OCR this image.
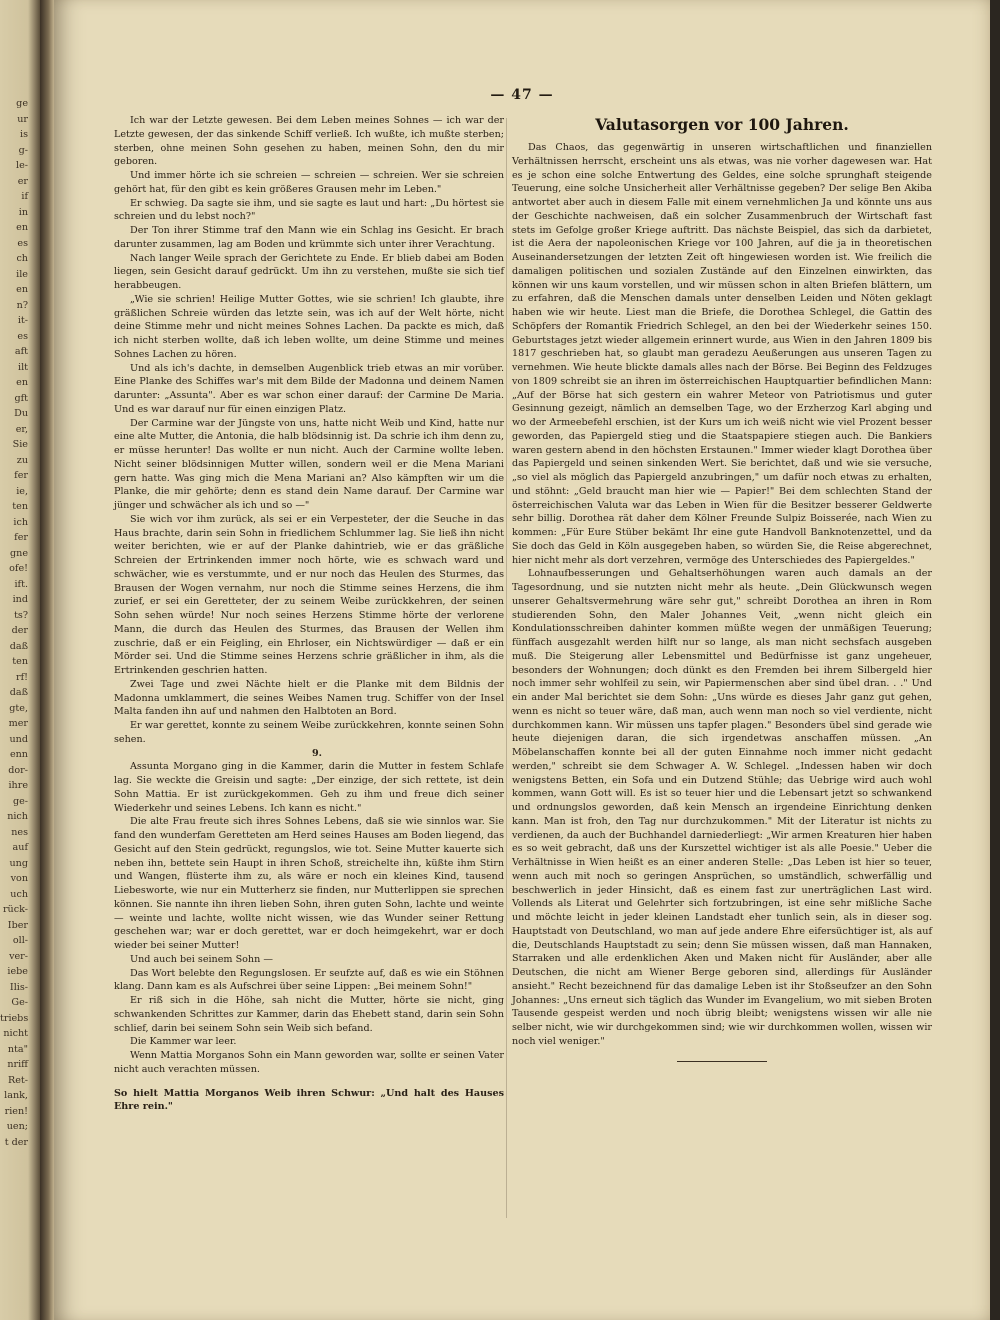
ge
ur
is
g-
le-
er
if
in
en
es
ch
ile
en
n?
it-
es
aft
ilt
en
gft
Du
er,
Sie
zu
fer
ie,
ten
ich
fer
gne
ofe!
ift.
ind
ts?
der
daß
ten
rf!
daß
gte,
mer
und
enn
dor-
ihre
ge-
nich
nes
auf
ung
von
uch
rück-
Iber
oll-
ver-
iebe
Ilis-
Ge-
triebs
nicht
nta"
nriff
Ret-
lank,
rien!
uen;
t der
— 47 —

Ich war der Letzte gewesen. Bei dem Leben meines Sohnes — ich war der Letzte gewesen, der das sinkende Schiff verließ. Ich wußte, ich mußte sterben; sterben, ohne meinen Sohn gesehen zu haben, meinen Sohn, den du mir geboren.

Und immer hörte ich sie schreien — schreien — schreien. Wer sie schreien gehört hat, für den gibt es kein größeres Grausen mehr im Leben."

Er schwieg. Da sagte sie ihm, und sie sagte es laut und hart: „Du hörtest sie schreien und du lebst noch?"

Der Ton ihrer Stimme traf den Mann wie ein Schlag ins Gesicht. Er brach darunter zusammen, lag am Boden und krümmte sich unter ihrer Verachtung.

Nach langer Weile sprach der Gerichtete zu Ende. Er blieb dabei am Boden liegen, sein Gesicht darauf gedrückt. Um ihn zu verstehen, mußte sie sich tief herabbeugen.

„Wie sie schrien! Heilige Mutter Gottes, wie sie schrien! Ich glaubte, ihre gräßlichen Schreie würden das letzte sein, was ich auf der Welt hörte, nicht deine Stimme mehr und nicht meines Sohnes Lachen. Da packte es mich, daß ich nicht sterben wollte, daß ich leben wollte, um deine Stimme und meines Sohnes Lachen zu hören.

Und als ich's dachte, in demselben Augenblick trieb etwas an mir vorüber. Eine Planke des Schiffes war's mit dem Bilde der Madonna und deinem Namen darunter: „Assunta". Aber es war schon einer darauf: der Carmine De Maria. Und es war darauf nur für einen einzigen Platz.

Der Carmine war der Jüngste von uns, hatte nicht Weib und Kind, hatte nur eine alte Mutter, die Antonia, die halb blödsinnig ist. Da schrie ich ihm denn zu, er müsse herunter! Das wollte er nun nicht. Auch der Carmine wollte leben. Nicht seiner blödsinnigen Mutter willen, sondern weil er die Mena Mariani gern hatte. Was ging mich die Mena Mariani an? Also kämpften wir um die Planke, die mir gehörte; denn es stand dein Name darauf. Der Carmine war jünger und schwächer als ich und so —"

Sie wich vor ihm zurück, als sei er ein Verpesteter, der die Seuche in das Haus brachte, darin sein Sohn in friedlichem Schlummer lag. Sie ließ ihn nicht weiter berichten, wie er auf der Planke dahintrieb, wie er das gräßliche Schreien der Ertrinkenden immer noch hörte, wie es schwach ward und schwächer, wie es verstummte, und er nur noch das Heulen des Sturmes, das Brausen der Wogen vernahm, nur noch die Stimme seines Herzens, die ihm zurief, er sei ein Geretteter, der zu seinem Weibe zurückkehren, der seinen Sohn sehen würde! Nur noch seines Herzens Stimme hörte der verlorene Mann, die durch das Heulen des Sturmes, das Brausen der Wellen ihm zuschrie, daß er ein Feigling, ein Ehrloser, ein Nichtswürdiger — daß er ein Mörder sei. Und die Stimme seines Herzens schrie gräßlicher in ihm, als die Ertrinkenden geschrien hatten.

Zwei Tage und zwei Nächte hielt er die Planke mit dem Bildnis der Madonna umklammert, die seines Weibes Namen trug. Schiffer von der Insel Malta fanden ihn auf und nahmen den Halbtoten an Bord.

Er war gerettet, konnte zu seinem Weibe zurückkehren, konnte seinen Sohn sehen.

9.

Assunta Morgano ging in die Kammer, darin die Mutter in festem Schlafe lag. Sie weckte die Greisin und sagte: „Der einzige, der sich rettete, ist dein Sohn Mattia. Er ist zurückgekommen. Geh zu ihm und freue dich seiner Wiederkehr und seines Lebens. Ich kann es nicht."

Die alte Frau freute sich ihres Sohnes Lebens, daß sie wie sinnlos war. Sie fand den wunderfam Geretteten am Herd seines Hauses am Boden liegend, das Gesicht auf den Stein gedrückt, regungslos, wie tot. Seine Mutter kauerte sich neben ihn, bettete sein Haupt in ihren Schoß, streichelte ihn, küßte ihm Stirn und Wangen, flüsterte ihm zu, als wäre er noch ein kleines Kind, tausend Liebesworte, wie nur ein Mutterherz sie finden, nur Mutterlippen sie sprechen können. Sie nannte ihn ihren lieben Sohn, ihren guten Sohn, lachte und weinte — weinte und lachte, wollte nicht wissen, wie das Wunder seiner Rettung geschehen war; war er doch gerettet, war er doch heimgekehrt, war er doch wieder bei seiner Mutter!

Und auch bei seinem Sohn —

Das Wort belebte den Regungslosen. Er seufzte auf, daß es wie ein Stöhnen klang. Dann kam es als Aufschrei über seine Lippen: „Bei meinem Sohn!"

Er riß sich in die Höhe, sah nicht die Mutter, hörte sie nicht, ging schwankenden Schrittes zur Kammer, darin das Ehebett stand, darin sein Sohn schlief, darin bei seinem Sohn sein Weib sich befand.

Die Kammer war leer.

Wenn Mattia Morganos Sohn ein Mann geworden war, sollte er seinen Vater nicht auch verachten müssen.

So hielt Mattia Morganos Weib ihren Schwur: „Und halt des Hauses Ehre rein."

Valutasorgen vor 100 Jahren.

Das Chaos, das gegenwärtig in unseren wirtschaftlichen und finanziellen Verhältnissen herrscht, erscheint uns als etwas, was nie vorher dagewesen war. Hat es je schon eine solche Entwertung des Geldes, eine solche sprunghaft steigende Teuerung, eine solche Unsicherheit aller Verhältnisse gegeben? Der selige Ben Akiba antwortet aber auch in diesem Falle mit einem vernehmlichen Ja und könnte uns aus der Geschichte nachweisen, daß ein solcher Zusammenbruch der Wirtschaft fast stets im Gefolge großer Kriege auftritt. Das nächste Beispiel, das sich da darbietet, ist die Aera der napoleonischen Kriege vor 100 Jahren, auf die ja in theoretischen Auseinandersetzungen der letzten Zeit oft hingewiesen worden ist. Wie freilich die damaligen politischen und sozialen Zustände auf den Einzelnen einwirkten, das können wir uns kaum vorstellen, und wir müssen schon in alten Briefen blättern, um zu erfahren, daß die Menschen damals unter denselben Leiden und Nöten geklagt haben wie wir heute. Liest man die Briefe, die Dorothea Schlegel, die Gattin des Schöpfers der Romantik Friedrich Schlegel, an den bei der Wiederkehr seines 150. Geburtstages jetzt wieder allgemein erinnert wurde, aus Wien in den Jahren 1809 bis 1817 geschrieben hat, so glaubt man geradezu Aeußerungen aus unseren Tagen zu vernehmen. Wie heute blickte damals alles nach der Börse. Bei Beginn des Feldzuges von 1809 schreibt sie an ihren im österreichischen Hauptquartier befindlichen Mann: „Auf der Börse hat sich gestern ein wahrer Meteor von Patriotismus und guter Gesinnung gezeigt, nämlich an demselben Tage, wo der Erzherzog Karl abging und wo der Armeebefehl erschien, ist der Kurs um ich weiß nicht wie viel Prozent besser geworden, das Papiergeld stieg und die Staatspapiere stiegen auch. Die Bankiers waren gestern abend in den höchsten Erstaunen." Immer wieder klagt Dorothea über das Papiergeld und seinen sinkenden Wert. Sie berichtet, daß und wie sie versuche, „so viel als möglich das Papiergeld anzubringen," um dafür noch etwas zu erhalten, und stöhnt: „Geld braucht man hier wie — Papier!" Bei dem schlechten Stand der österreichischen Valuta war das Leben in Wien für die Besitzer besserer Geldwerte sehr billig. Dorothea rät daher dem Kölner Freunde Sulpiz Boisserée, nach Wien zu kommen: „Für Eure Stüber bekämt Ihr eine gute Handvoll Banknotenzettel, und da Sie doch das Geld in Köln ausgegeben haben, so würden Sie, die Reise abgerechnet, hier nicht mehr als dort verzehren, vermöge des Unterschiedes des Papiergeldes."

Lohnaufbesserungen und Gehaltserhöhungen waren auch damals an der Tagesordnung, und sie nutzten nicht mehr als heute. „Dein Glückwunsch wegen unserer Gehaltsvermehrung wäre sehr gut," schreibt Dorothea an ihren in Rom studierenden Sohn, den Maler Johannes Veit, „wenn nicht gleich ein Kondulationsschreiben dahinter kommen müßte wegen der unmäßigen Teuerung; fünffach ausgezahlt werden hilft nur so lange, als man nicht sechsfach ausgeben muß. Die Steigerung aller Lebensmittel und Bedürfnisse ist ganz ungeheuer, besonders der Wohnungen; doch dünkt es den Fremden bei ihrem Silbergeld hier noch immer sehr wohlfeil zu sein, wir Papiermenschen aber sind übel dran. . ." Und ein ander Mal berichtet sie dem Sohn: „Uns würde es dieses Jahr ganz gut gehen, wenn es nicht so teuer wäre, daß man, auch wenn man noch so viel verdiente, nicht durchkommen kann. Wir müssen uns tapfer plagen." Besonders übel sind gerade wie heute diejenigen daran, die sich irgendetwas anschaffen müssen. „An Möbelanschaffen konnte bei all der guten Einnahme noch immer nicht gedacht werden," schreibt sie dem Schwager A. W. Schlegel. „Indessen haben wir doch wenigstens Betten, ein Sofa und ein Dutzend Stühle; das Uebrige wird auch wohl kommen, wann Gott will. Es ist so teuer hier und die Lebensart jetzt so schwankend und ordnungslos geworden, daß kein Mensch an irgendeine Einrichtung denken kann. Man ist froh, den Tag nur durchzukommen." Mit der Literatur ist nichts zu verdienen, da auch der Buchhandel darniederliegt: „Wir armen Kreaturen hier haben es so weit gebracht, daß uns der Kurszettel wichtiger ist als alle Poesie." Ueber die Verhältnisse in Wien heißt es an einer anderen Stelle: „Das Leben ist hier so teuer, wenn auch mit noch so geringen Ansprüchen, so umständlich, schwerfällig und beschwerlich in jeder Hinsicht, daß es einem fast zur unerträglichen Last wird. Vollends als Literat und Gelehrter sich fortzubringen, ist eine sehr mißliche Sache und möchte leicht in jeder kleinen Landstadt eher tunlich sein, als in dieser sog. Hauptstadt von Deutschland, wo man auf jede andere Ehre eifersüchtiger ist, als auf die, Deutschlands Hauptstadt zu sein; denn Sie müssen wissen, daß man Hannaken, Starraken und alle erdenklichen Aken und Maken nicht für Ausländer, aber alle Deutschen, die nicht am Wiener Berge geboren sind, allerdings für Ausländer ansieht." Recht bezeichnend für das damalige Leben ist ihr Stoßseufzer an den Sohn Johannes: „Uns erneut sich täglich das Wunder im Evangelium, wo mit sieben Broten Tausende gespeist werden und noch übrig bleibt; wenigstens wissen wir alle nie selber nicht, wie wir durchgekommen sind; wie wir durchkommen wollen, wissen wir noch viel weniger."
